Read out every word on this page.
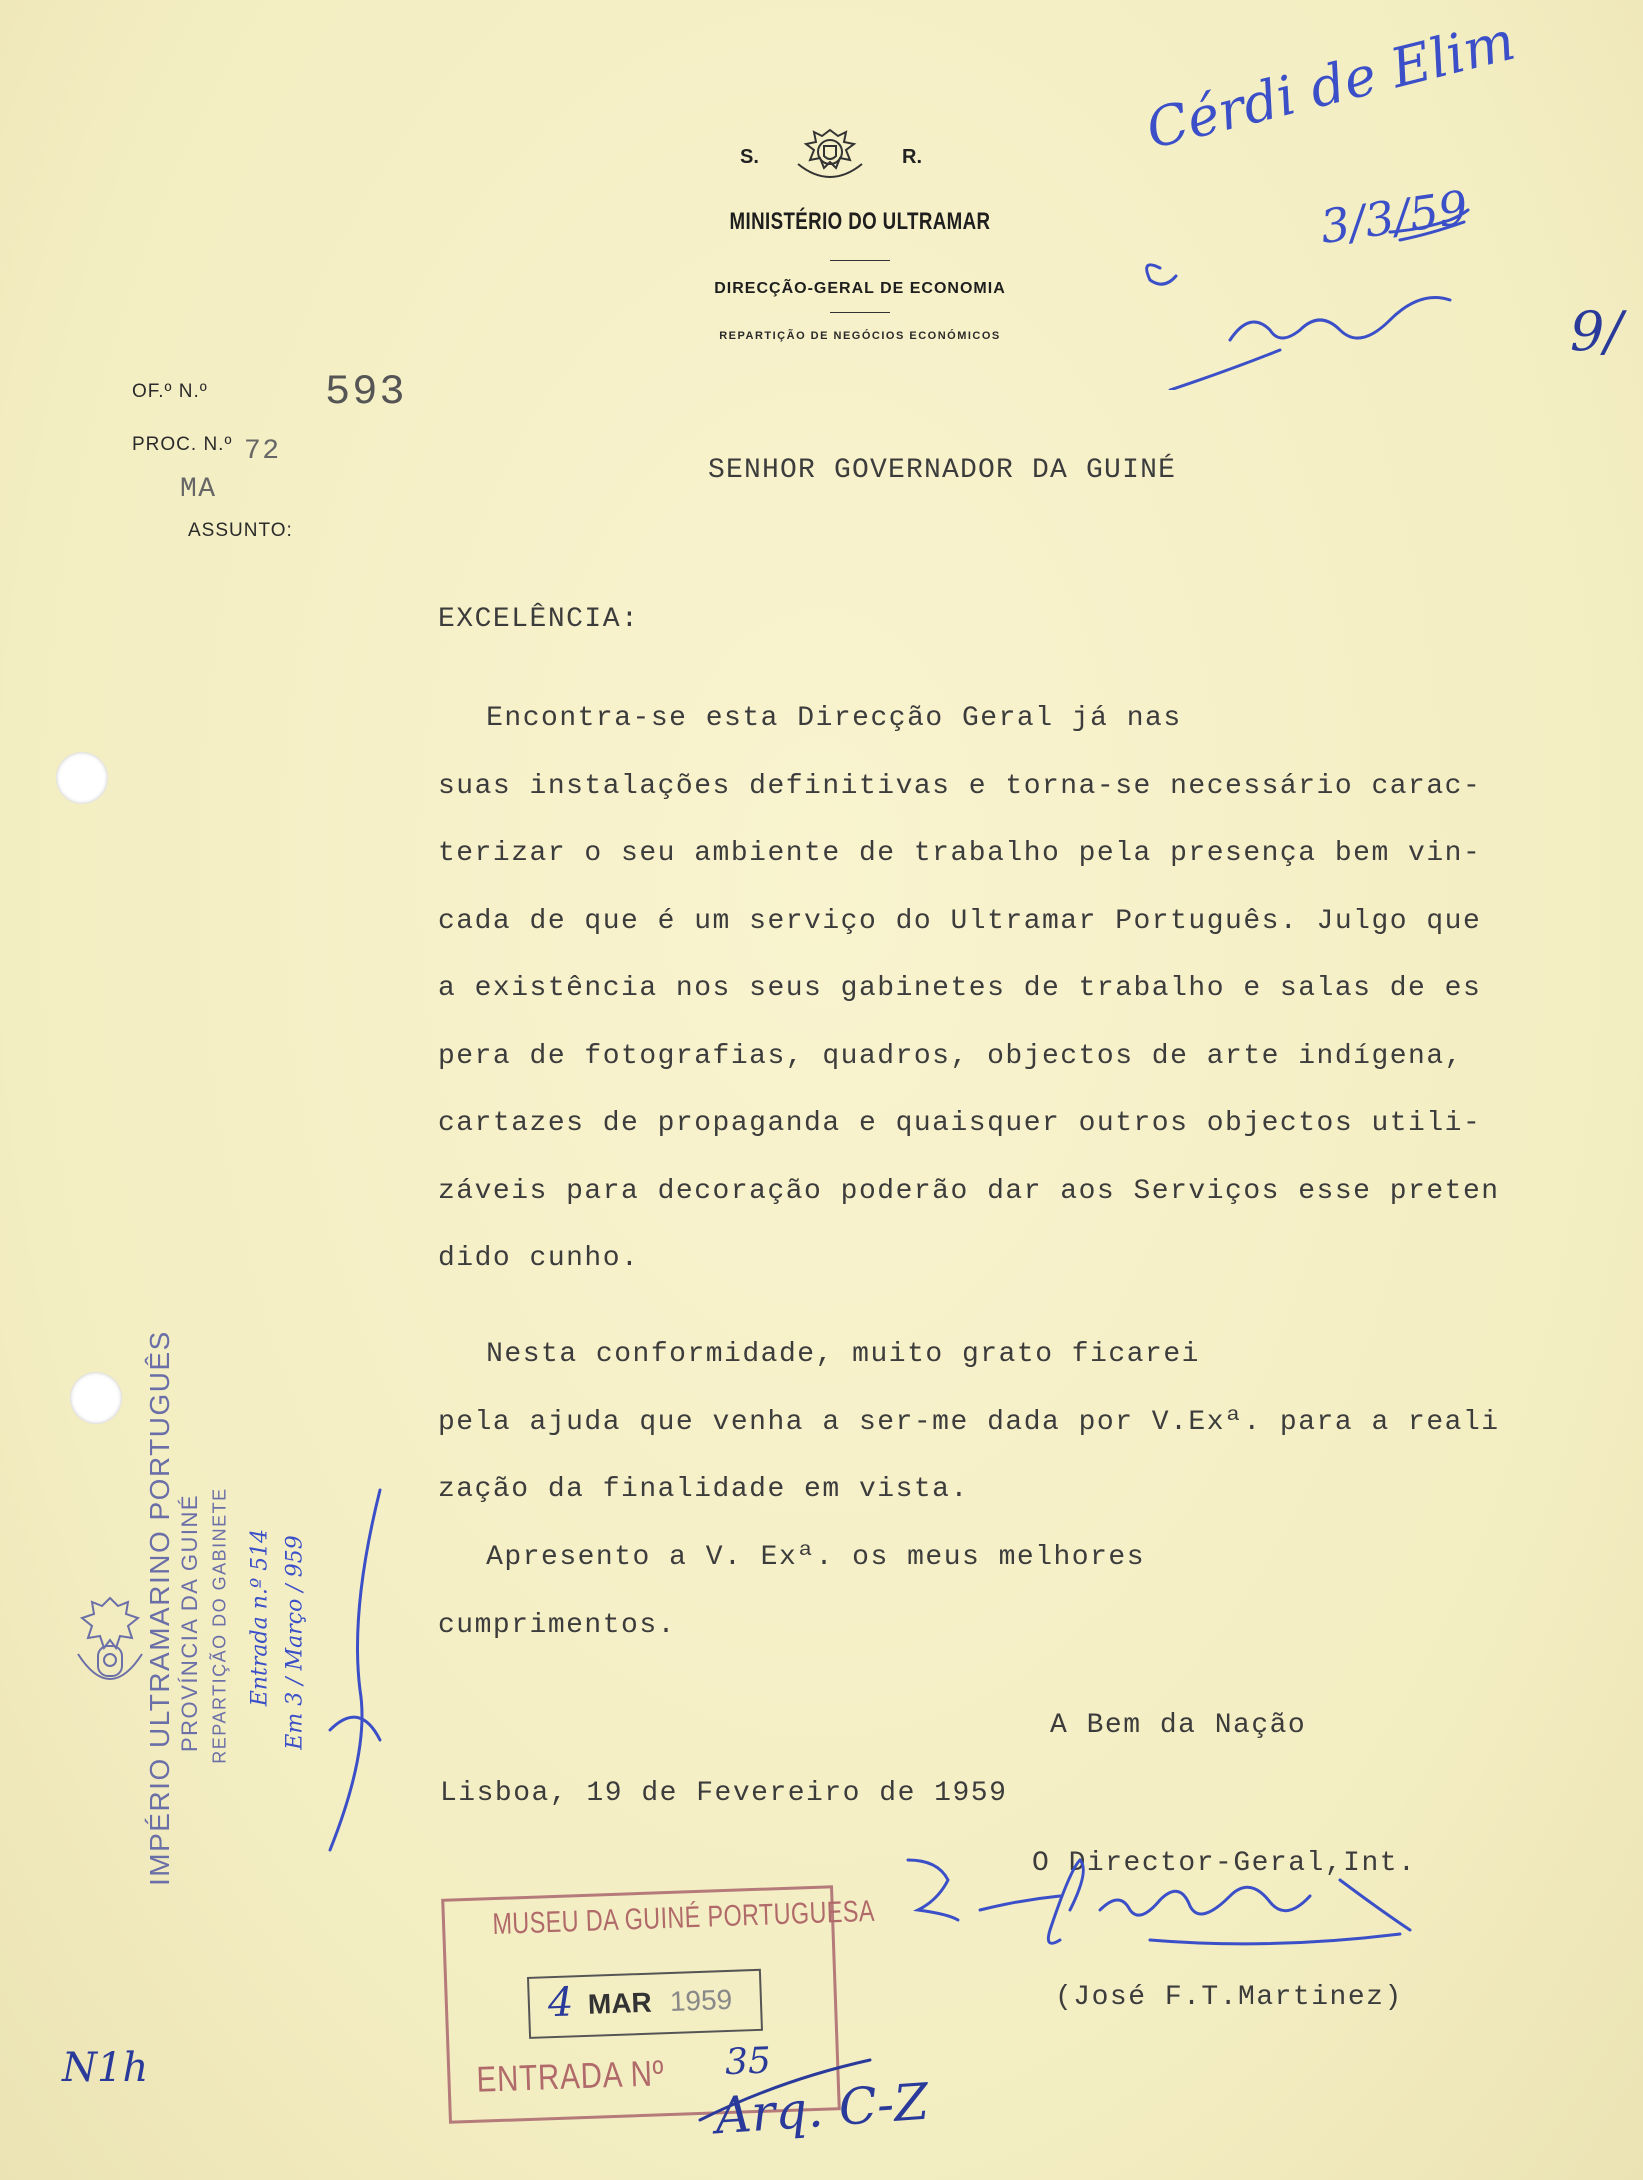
S.	R.
MINISTÉRIO DO ULTRAMAR
DIRECÇÃO-GERAL DE ECONOMIA
REPARTIÇÃO DE NEGÓCIOS ECONÓMICOS
OF.º N.º	593
PROC. N.º 72
MA
ASSUNTO:
Cérdi de Elim
3/3/59
9/
SENHOR GOVERNADOR DA GUINÉ
EXCELÊNCIA:
Encontra-se esta Direcção Geral já nas
suas instalações definitivas e torna-se necessário carac-
terizar o seu ambiente de trabalho pela presença bem vin-
cada de que é um serviço do Ultramar Português. Julgo que
a existência nos seus gabinetes de trabalho e salas de es
pera de fotografias, quadros, objectos de arte indígena,
cartazes de propaganda e quaisquer outros objectos utili-
záveis para decoração poderão dar aos Serviços esse preten
dido cunho.
Nesta conformidade, muito grato ficarei
pela ajuda que venha a ser-me dada por V.Exª. para a reali
zação da finalidade em vista.
Apresento a V. Exª. os meus melhores
cumprimentos.
A Bem da Nação
Lisboa, 19 de Fevereiro de 1959
O Director-Geral,Int.
(José F.T.Martinez)
IMPÉRIO ULTRAMARINO PORTUGUÊS PROVÍNCIA DA GUINÉ REPARTIÇÃO DO GABINETE Entrada n.º 514 Em 3 / Março / 959
MUSEU DA GUINÉ PORTUGUESA
4 MAR 1959
ENTRADA Nº 35
N1h
Arq. C-Z
